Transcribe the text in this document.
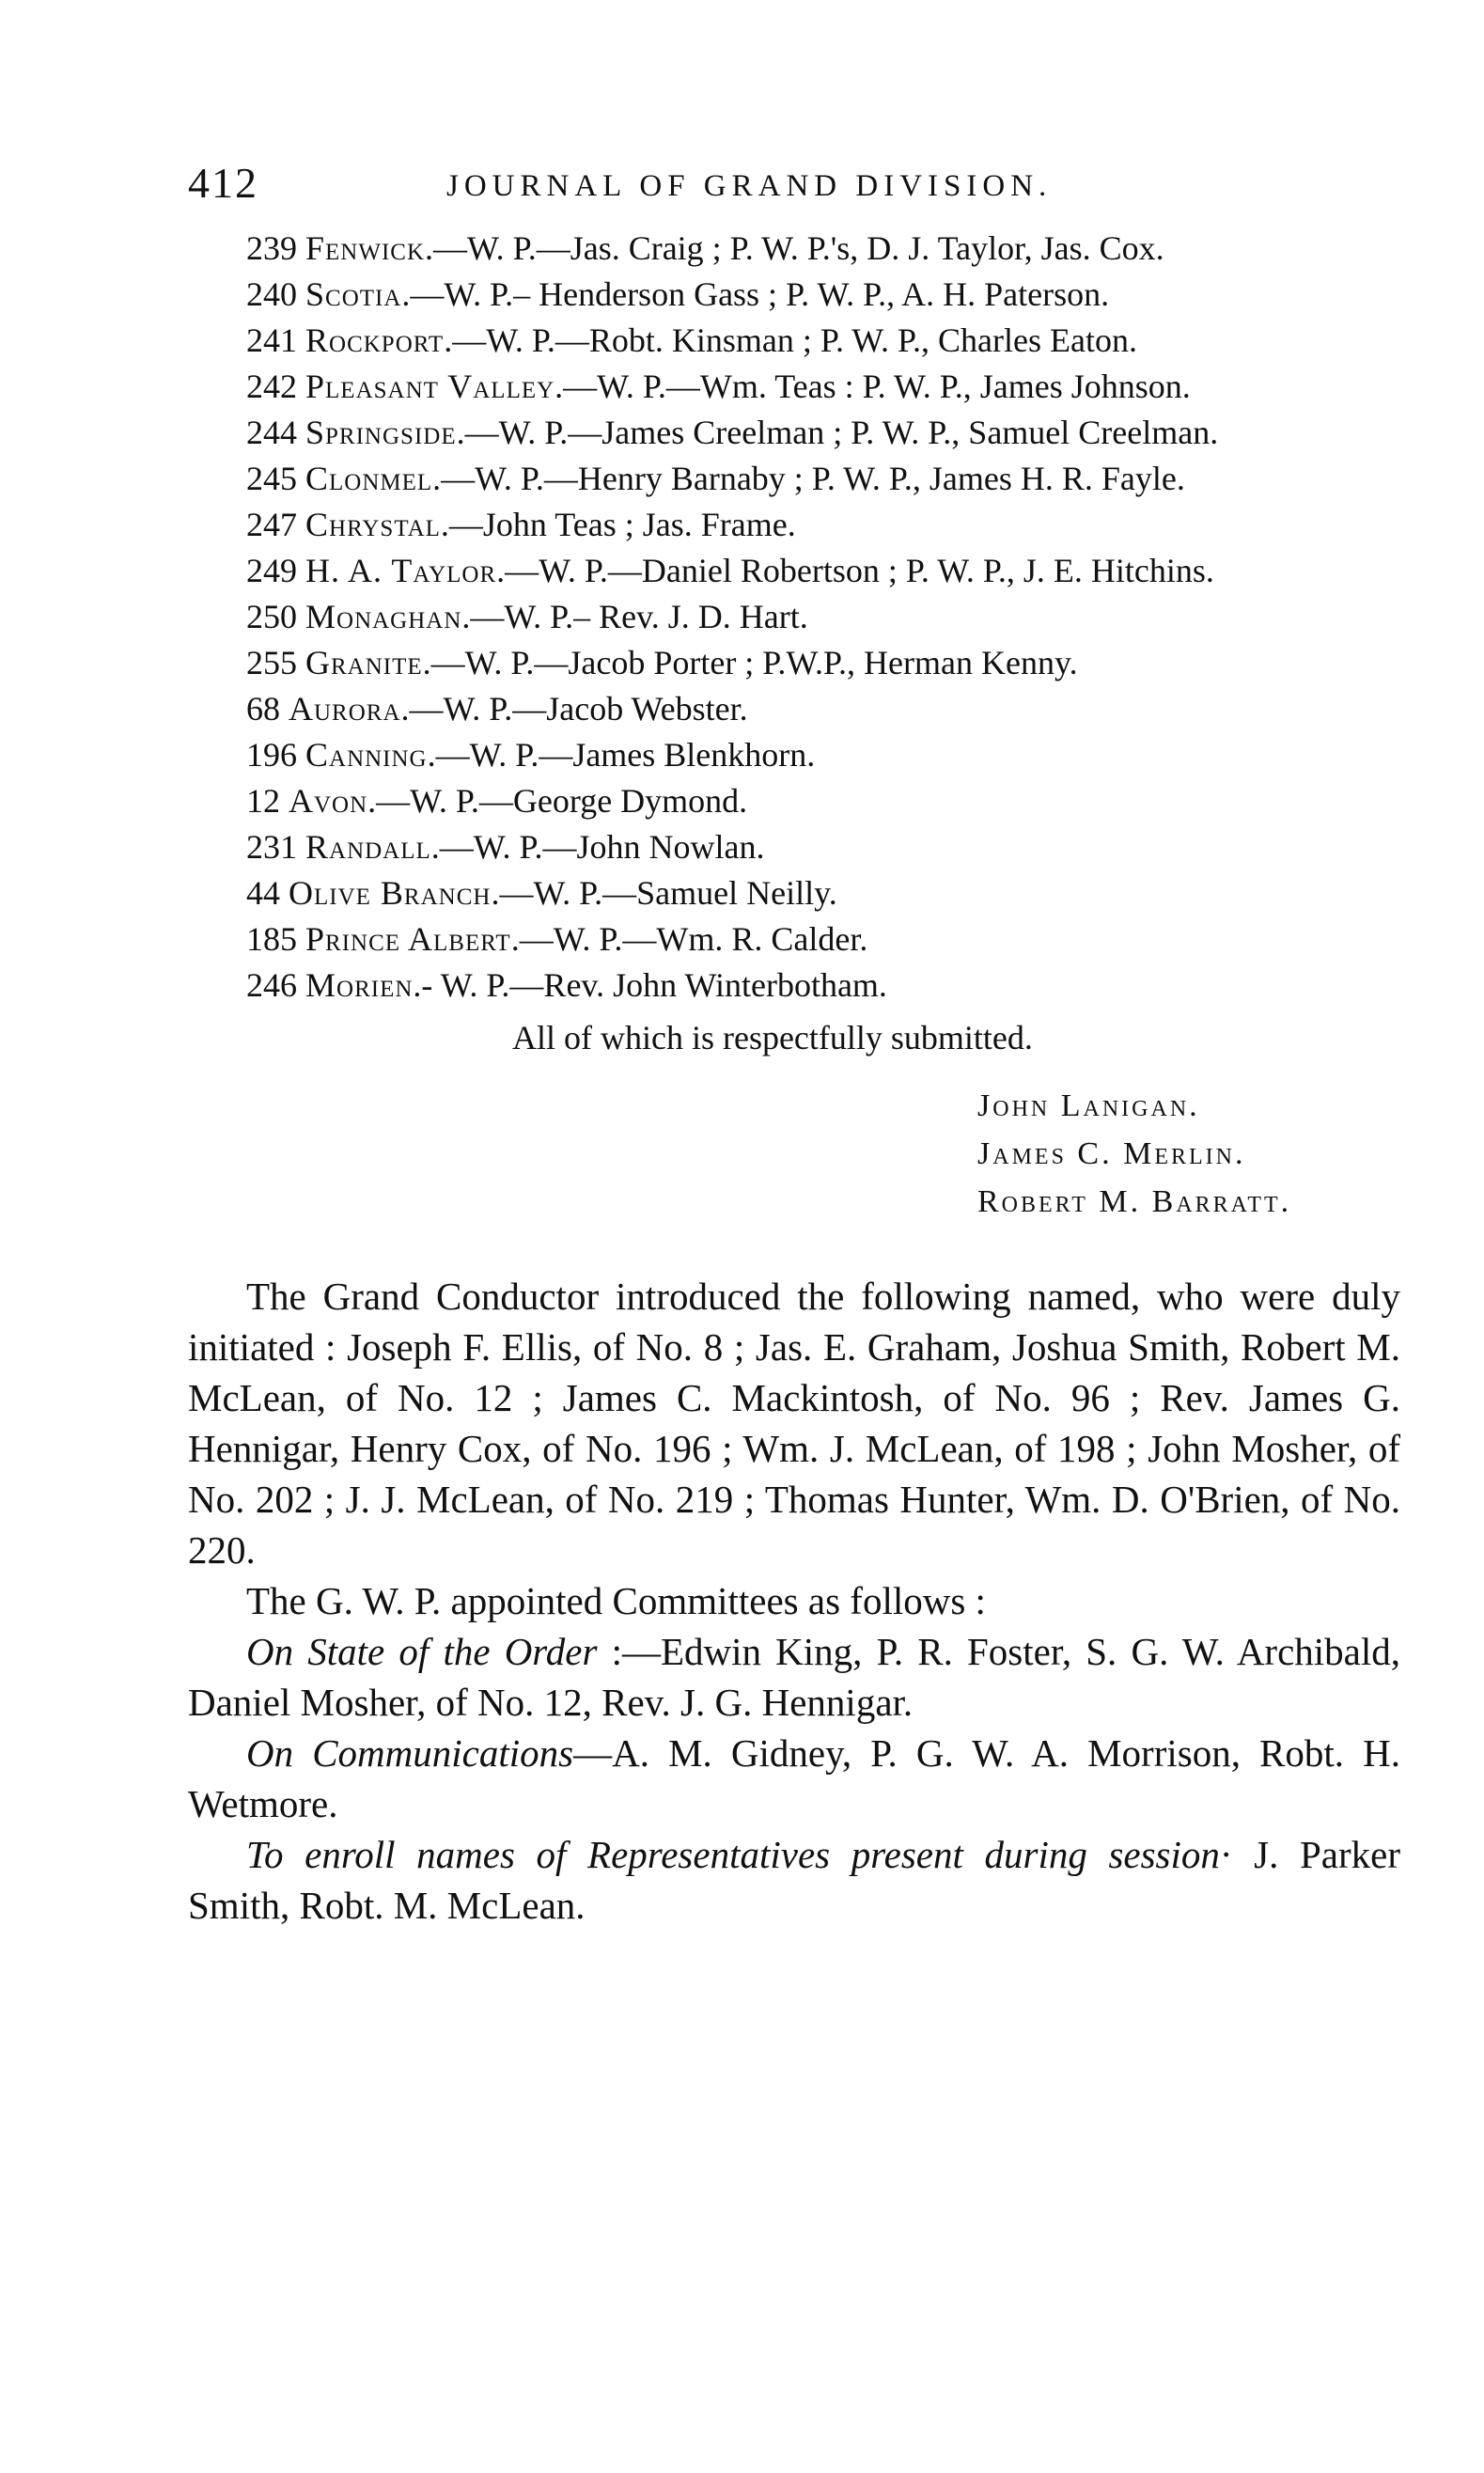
412	JOURNAL OF GRAND DIVISION.
239 Fenwick.—W. P.—Jas. Craig ; P. W. P.'s, D. J. Taylor, Jas. Cox.
240 Scotia.—W. P.– Henderson Gass ; P. W. P., A. H. Paterson.
241 Rockport.—W. P.—Robt. Kinsman ; P. W. P., Charles Eaton.
242 Pleasant Valley.—W. P.—Wm. Teas : P. W. P., James Johnson.
244 Springside.—W. P.—James Creelman ; P. W. P., Samuel Creelman.
245 Clonmel.—W. P.—Henry Barnaby ; P. W. P., James H. R. Fayle.
247 Chrystal.—John Teas ; Jas. Frame.
249 H. A. Taylor.—W. P.—Daniel Robertson ; P. W. P., J. E. Hitchins.
250 Monaghan.—W. P.– Rev. J. D. Hart.
255 Granite.—W. P.—Jacob Porter ; P.W.P., Herman Kenny.
68 Aurora.—W. P.—Jacob Webster.
196 Canning.—W. P.—James Blenkhorn.
12 Avon.—W. P.—George Dymond.
231 Randall.—W. P.—John Nowlan.
44 Olive Branch.—W. P.—Samuel Neilly.
185 Prince Albert.—W. P.—Wm. R. Calder.
246 Morien.- W. P.—Rev. John Winterbotham.
All of which is respectfully submitted.
John Lanigan.
James C. Merlin.
Robert M. Barratt.

The Grand Conductor introduced the following named, who were duly initiated : Joseph F. Ellis, of No. 8 ; Jas. E. Graham, Joshua Smith, Robert M. McLean, of No. 12 ; James C. Mackintosh, of No. 96 ; Rev. James G. Hennigar, Henry Cox, of No. 196 ; Wm. J. McLean, of 198 ; John Mosher, of No. 202 ; J. J. McLean, of No. 219 ; Thomas Hunter, Wm. D. O'Brien, of No. 220.

The G. W. P. appointed Committees as follows :

On State of the Order :—Edwin King, P. R. Foster, S. G. W. Archibald, Daniel Mosher, of No. 12, Rev. J. G. Hennigar.

On Communications—A. M. Gidney, P. G. W. A. Morrison, Robt. H. Wetmore.

To enroll names of Representatives present during session· J. Parker Smith, Robt. M. McLean.
